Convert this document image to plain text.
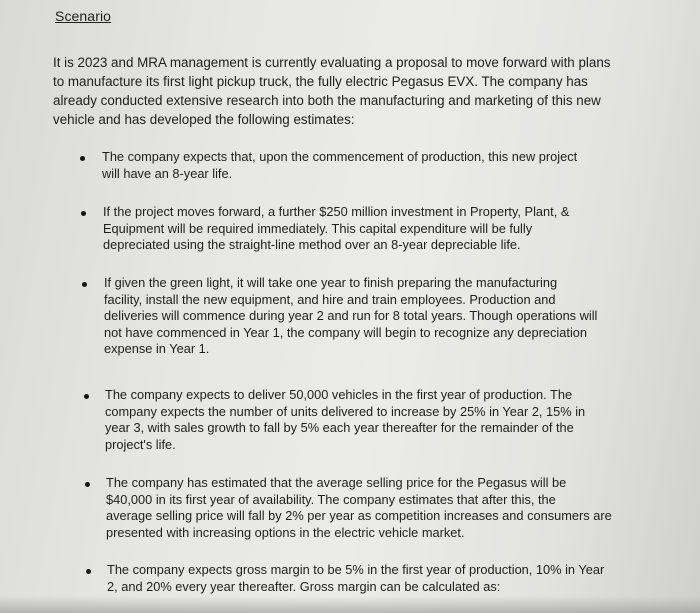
Scenario
It is 2023 and MRA management is currently evaluating a proposal to move forward with plans
to manufacture its first light pickup truck, the fully electric Pegasus EVX. The company has
already conducted extensive research into both the manufacturing and marketing of this new
vehicle and has developed the following estimates:
The company expects that, upon the commencement of production, this new project
will have an 8-year life.
If the project moves forward, a further $250 million investment in Property, Plant, &
Equipment will be required immediately. This capital expenditure will be fully
depreciated using the straight-line method over an 8-year depreciable life.
If given the green light, it will take one year to finish preparing the manufacturing
facility, install the new equipment, and hire and train employees. Production and
deliveries will commence during year 2 and run for 8 total years. Though operations will
not have commenced in Year 1, the company will begin to recognize any depreciation
expense in Year 1.
The company expects to deliver 50,000 vehicles in the first year of production. The
company expects the number of units delivered to increase by 25% in Year 2, 15% in
year 3, with sales growth to fall by 5% each year thereafter for the remainder of the
project's life.
The company has estimated that the average selling price for the Pegasus will be
$40,000 in its first year of availability. The company estimates that after this, the
average selling price will fall by 2% per year as competition increases and consumers are
presented with increasing options in the electric vehicle market.
The company expects gross margin to be 5% in the first year of production, 10% in Year
2, and 20% every year thereafter. Gross margin can be calculated as:
